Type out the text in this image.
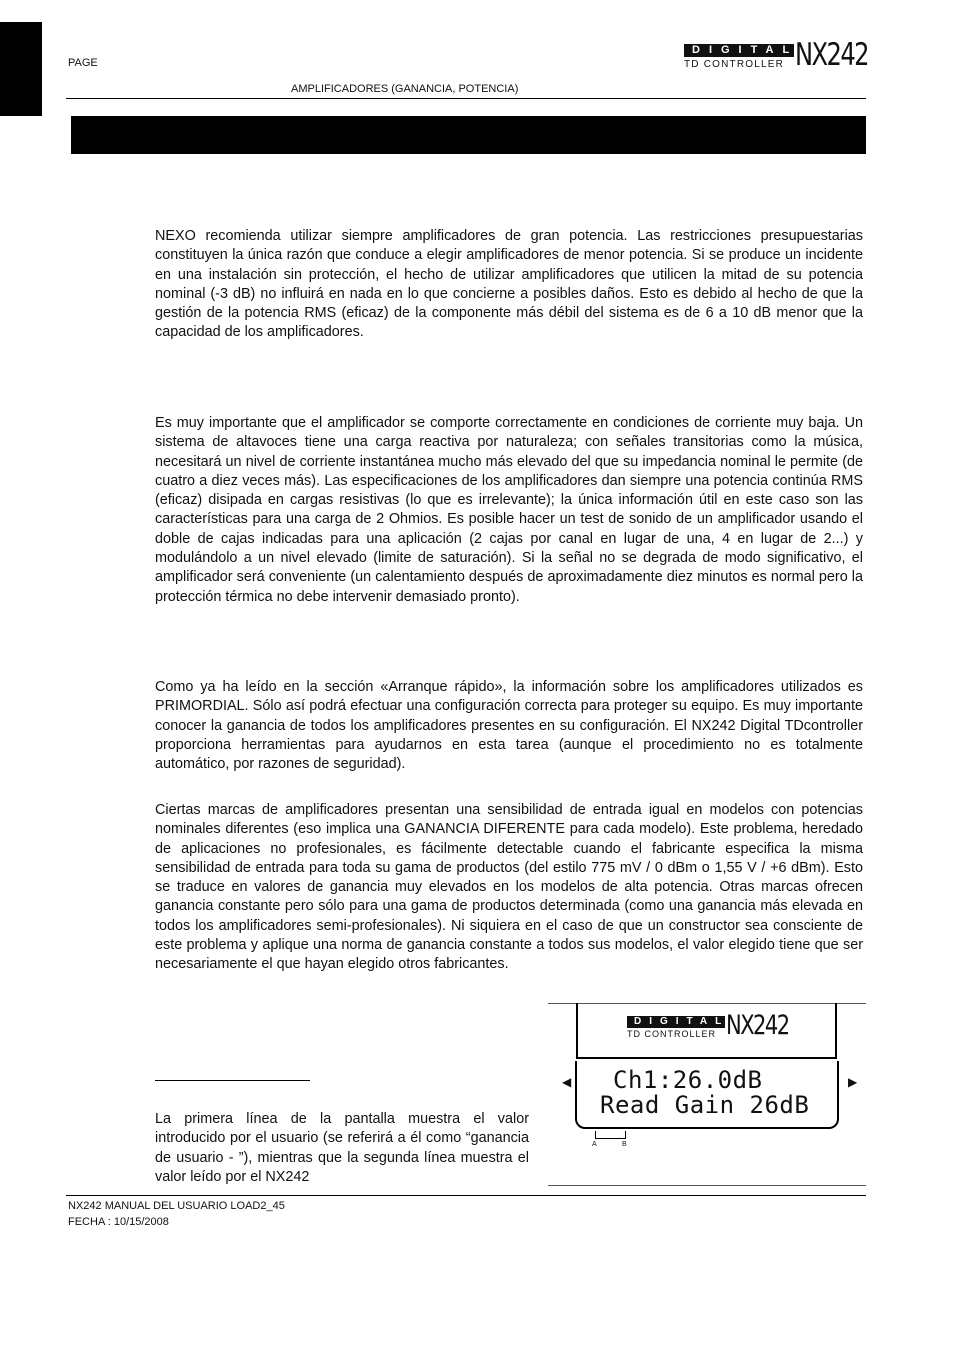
PAGE
AMPLIFICADORES (GANANCIA, POTENCIA)
DIGITAL
TD CONTROLLER NX242

NEXO recomienda utilizar siempre amplificadores de gran potencia. Las restricciones presupuestarias constituyen la única razón que conduce a elegir amplificadores de menor potencia. Si se produce un incidente en una instalación sin protección, el hecho de utilizar amplificadores que utilicen la mitad de su potencia nominal (-3 dB) no influirá en nada en lo que concierne a posibles daños. Esto es debido al hecho de que la gestión de la potencia RMS (eficaz) de la componente más débil del sistema es de 6 a 10 dB menor que la capacidad de los amplificadores.

Es muy importante que el amplificador se comporte correctamente en condiciones de corriente muy baja. Un sistema de altavoces tiene una carga reactiva por naturaleza; con señales transitorias como la música, necesitará un nivel de corriente instantánea mucho más elevado del que su impedancia nominal le permite (de cuatro a diez veces más). Las especificaciones de los amplificadores dan siempre una potencia continúa RMS (eficaz) disipada en cargas resistivas (lo que es irrelevante); la única información útil en este caso son las características para una carga de 2 Ohmios. Es posible hacer un test de sonido de un amplificador usando el doble de cajas indicadas para una aplicación (2 cajas por canal en lugar de una, 4 en lugar de 2...) y modulándolo a un nivel elevado (limite de saturación). Si la señal no se degrada de modo significativo, el amplificador será conveniente (un calentamiento después de aproximadamente diez minutos es normal pero la protección térmica no debe intervenir demasiado pronto).

Como ya ha leído en la sección «Arranque rápido», la información sobre los amplificadores utilizados es PRIMORDIAL. Sólo así podrá efectuar una configuración correcta para proteger su equipo. Es muy importante conocer la ganancia de todos los amplificadores presentes en su configuración. El NX242 Digital TDcontroller proporciona herramientas para ayudarnos en esta tarea (aunque el procedimiento no es totalmente automático, por razones de seguridad).

Ciertas marcas de amplificadores presentan una sensibilidad de entrada igual en modelos con potencias nominales diferentes (eso implica una GANANCIA DIFERENTE para cada modelo). Este problema, heredado de aplicaciones no profesionales, es fácilmente detectable cuando el fabricante especifica la misma sensibilidad de entrada para toda su gama de productos (del estilo 775 mV / 0 dBm o 1,55 V / +6 dBm). Esto se traduce en valores de ganancia muy elevados en los modelos de alta potencia. Otras marcas ofrecen ganancia constante pero sólo para una gama de productos determinada (como una ganancia más elevada en todos los amplificadores semi-profesionales). Ni siquiera en el caso de que un constructor sea consciente de este problema y aplique una norma de ganancia constante a todos sus modelos, el valor elegido tiene que ser necesariamente el que hayan elegido otros fabricantes.

La primera línea de la pantalla muestra el valor introducido por el usuario (se referirá a él como “ganancia de usuario - ”), mientras que la segunda línea muestra el valor leído por el NX242

DIGITAL
TD CONTROLLER NX242
Ch1:26.0dB
Read Gain 26dB
◀	▶
A	B
NX242 MANUAL DEL USUARIO LOAD2_45
FECHA : 10/15/2008
